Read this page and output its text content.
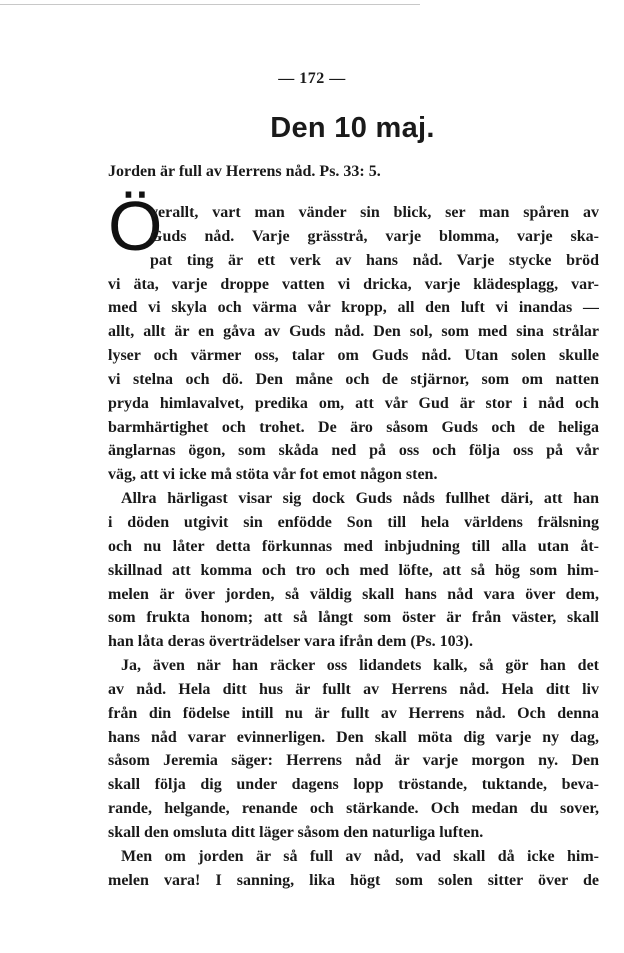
— 172 —
Den 10 maj.
Jorden är full av Herrens nåd. Ps. 33: 5.
Ö
verallt, vart man vänder sin blick, ser man spåren av
Guds nåd. Varje grässtrå, varje blomma, varje ska-
pat ting är ett verk av hans nåd. Varje stycke bröd
vi äta, varje droppe vatten vi dricka, varje klädesplagg, var-
med vi skyla och värma vår kropp, all den luft vi inandas —
allt, allt är en gåva av Guds nåd. Den sol, som med sina strålar
lyser och värmer oss, talar om Guds nåd. Utan solen skulle
vi stelna och dö. Den måne och de stjärnor, som om natten
pryda himlavalvet, predika om, att vår Gud är stor i nåd och
barmhärtighet och trohet. De äro såsom Guds och de heliga
änglarnas ögon, som skåda ned på oss och följa oss på vår
väg, att vi icke må stöta vår fot emot någon sten.
Allra härligast visar sig dock Guds nåds fullhet däri, att han
i döden utgivit sin enfödde Son till hela världens frälsning
och nu låter detta förkunnas med inbjudning till alla utan åt-
skillnad att komma och tro och med löfte, att så hög som him-
melen är över jorden, så väldig skall hans nåd vara över dem,
som frukta honom; att så långt som öster är från väster, skall
han låta deras överträdelser vara ifrån dem (Ps. 103).
Ja, även när han räcker oss lidandets kalk, så gör han det
av nåd. Hela ditt hus är fullt av Herrens nåd. Hela ditt liv
från din födelse intill nu är fullt av Herrens nåd. Och denna
hans nåd varar evinnerligen. Den skall möta dig varje ny dag,
såsom Jeremia säger: Herrens nåd är varje morgon ny. Den
skall följa dig under dagens lopp tröstande, tuktande, beva-
rande, helgande, renande och stärkande. Och medan du sover,
skall den omsluta ditt läger såsom den naturliga luften.
Men om jorden är så full av nåd, vad skall då icke him-
melen vara! I sanning, lika högt som solen sitter över de
